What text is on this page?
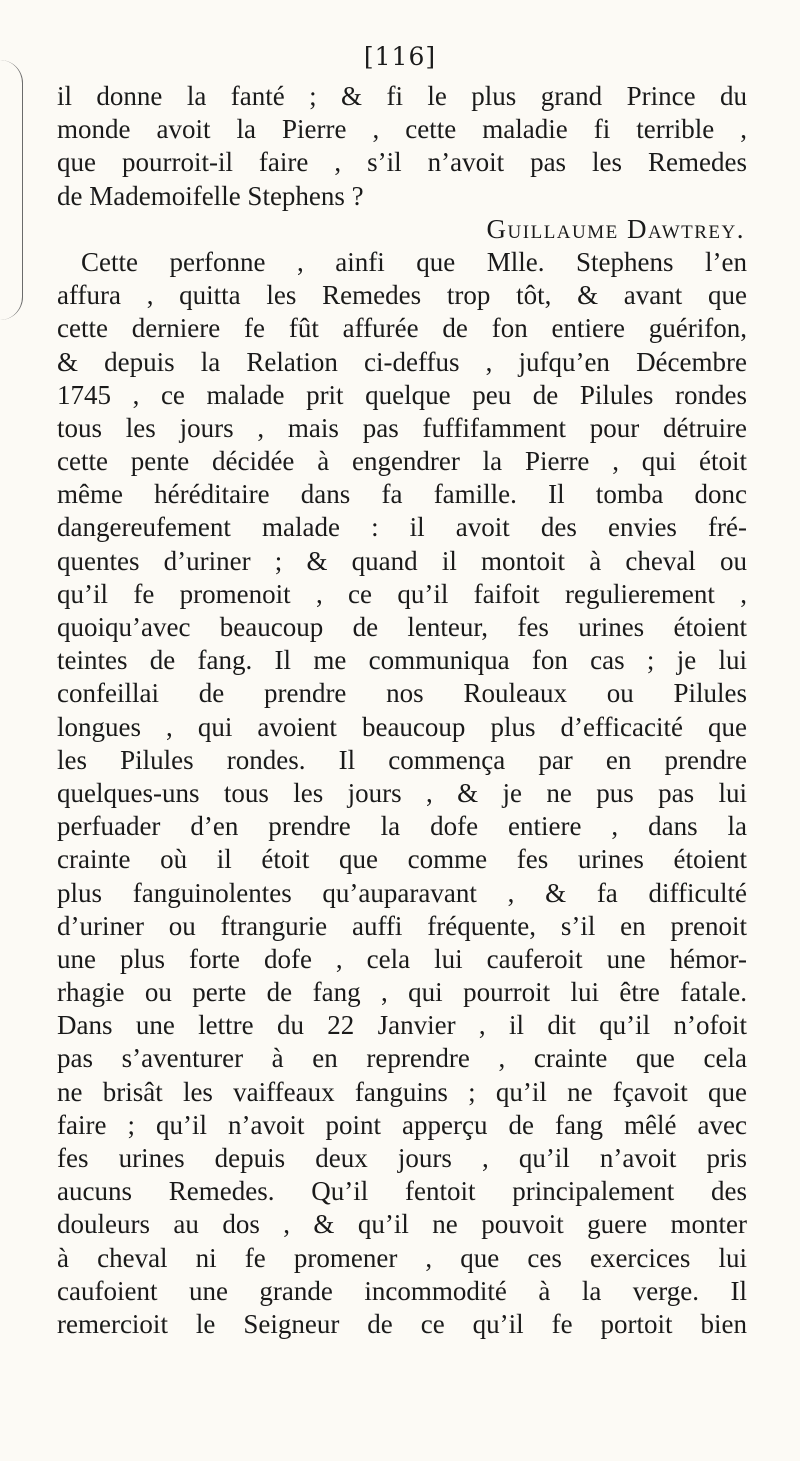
[116]
il donne la fanté ; & fi le plus grand Prince du
monde avoit la Pierre , cette maladie fi terrible ,
que pourroit-il faire , s’il n’avoit pas les Remedes
de Mademoifelle Stephens ?
Guillaume Dawtrey.
Cette perfonne , ainfi que Mlle. Stephens l’en
affura , quitta les Remedes trop tôt, & avant que
cette derniere fe fût affurée de fon entiere guérifon,
& depuis la Relation ci-deffus , jufqu’en Décembre
1745 , ce malade prit quelque peu de Pilules rondes
tous les jours , mais pas fuffifamment pour détruire
cette pente décidée à engendrer la Pierre , qui étoit
même héréditaire dans fa famille. Il tomba donc
dangereufement malade : il avoit des envies fré-
quentes d’uriner ; & quand il montoit à cheval ou
qu’il fe promenoit , ce qu’il faifoit regulierement ,
quoiqu’avec beaucoup de lenteur, fes urines étoient
teintes de fang. Il me communiqua fon cas ; je lui
confeillai de prendre nos Rouleaux ou Pilules
longues , qui avoient beaucoup plus d’efficacité que
les Pilules rondes. Il commença par en prendre
quelques-uns tous les jours , & je ne pus pas lui
perfuader d’en prendre la dofe entiere , dans la
crainte où il étoit que comme fes urines étoient
plus fanguinolentes qu’auparavant , & fa difficulté
d’uriner ou ftrangurie auffi fréquente, s’il en prenoit
une plus forte dofe , cela lui cauferoit une hémor-
rhagie ou perte de fang , qui pourroit lui être fatale.
Dans une lettre du 22 Janvier , il dit qu’il n’ofoit
pas s’aventurer à en reprendre , crainte que cela
ne brisât les vaiffeaux fanguins ; qu’il ne fçavoit que
faire ; qu’il n’avoit point apperçu de fang mêlé avec
fes urines depuis deux jours , qu’il n’avoit pris
aucuns Remedes. Qu’il fentoit principalement des
douleurs au dos , & qu’il ne pouvoit guere monter
à cheval ni fe promener , que ces exercices lui
caufoient une grande incommodité à la verge. Il
remercioit le Seigneur de ce qu’il fe portoit bien
